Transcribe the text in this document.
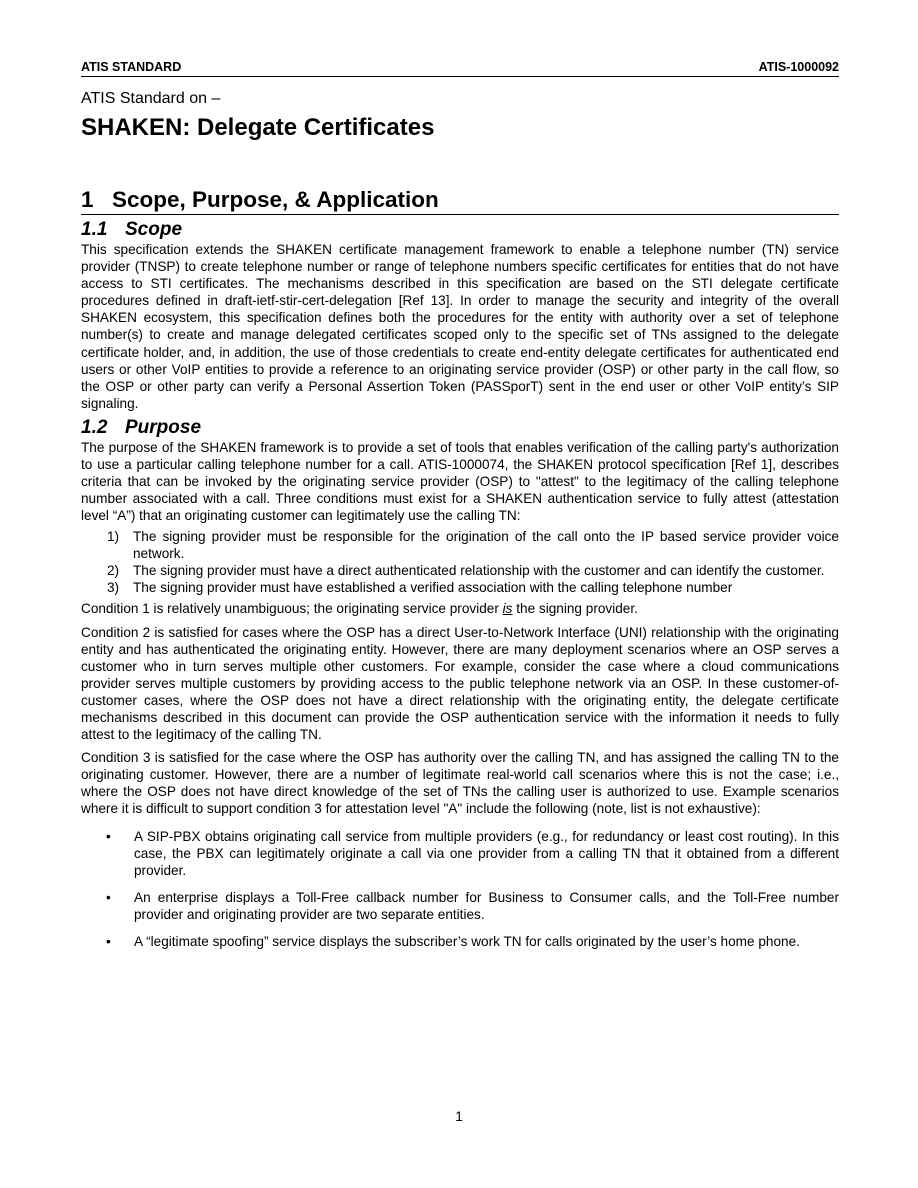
ATIS STANDARD	ATIS-1000092
ATIS Standard on –
SHAKEN: Delegate Certificates
1 Scope, Purpose, & Application
1.1 Scope

This specification extends the SHAKEN certificate management framework to enable a telephone number (TN) service provider (TNSP) to create telephone number or range of telephone numbers specific certificates for entities that do not have access to STI certificates. The mechanisms described in this specification are based on the STI delegate certificate procedures defined in draft-ietf-stir-cert-delegation [Ref 13]. In order to manage the security and integrity of the overall SHAKEN ecosystem, this specification defines both the procedures for the entity with authority over a set of telephone number(s) to create and manage delegated certificates scoped only to the specific set of TNs assigned to the delegate certificate holder, and, in addition, the use of those credentials to create end-entity delegate certificates for authenticated end users or other VoIP entities to provide a reference to an originating service provider (OSP) or other party in the call flow, so the OSP or other party can verify a Personal Assertion Token (PASSporT) sent in the end user or other VoIP entity’s SIP signaling.

1.2 Purpose

The purpose of the SHAKEN framework is to provide a set of tools that enables verification of the calling party's authorization to use a particular calling telephone number for a call. ATIS-1000074, the SHAKEN protocol specification [Ref 1], describes criteria that can be invoked by the originating service provider (OSP) to "attest" to the legitimacy of the calling telephone number associated with a call. Three conditions must exist for a SHAKEN authentication service to fully attest (attestation level “A”) that an originating customer can legitimately use the calling TN:

1)	The signing provider must be responsible for the origination of the call onto the IP based service provider voice network.
2)	The signing provider must have a direct authenticated relationship with the customer and can identify the customer.
3)	The signing provider must have established a verified association with the calling telephone number

Condition 1 is relatively unambiguous; the originating service provider is the signing provider.

Condition 2 is satisfied for cases where the OSP has a direct User-to-Network Interface (UNI) relationship with the originating entity and has authenticated the originating entity. However, there are many deployment scenarios where an OSP serves a customer who in turn serves multiple other customers. For example, consider the case where a cloud communications provider serves multiple customers by providing access to the public telephone network via an OSP. In these customer-of-customer cases, where the OSP does not have a direct relationship with the originating entity, the delegate certificate mechanisms described in this document can provide the OSP authentication service with the information it needs to fully attest to the legitimacy of the calling TN.

Condition 3 is satisfied for the case where the OSP has authority over the calling TN, and has assigned the calling TN to the originating customer. However, there are a number of legitimate real-world call scenarios where this is not the case; i.e., where the OSP does not have direct knowledge of the set of TNs the calling user is authorized to use. Example scenarios where it is difficult to support condition 3 for attestation level "A" include the following (note, list is not exhaustive):

•	A SIP-PBX obtains originating call service from multiple providers (e.g., for redundancy or least cost routing). In this case, the PBX can legitimately originate a call via one provider from a calling TN that it obtained from a different provider.
•	An enterprise displays a Toll-Free callback number for Business to Consumer calls, and the Toll-Free number provider and originating provider are two separate entities.
•	A “legitimate spoofing” service displays the subscriber’s work TN for calls originated by the user’s home phone.
1
